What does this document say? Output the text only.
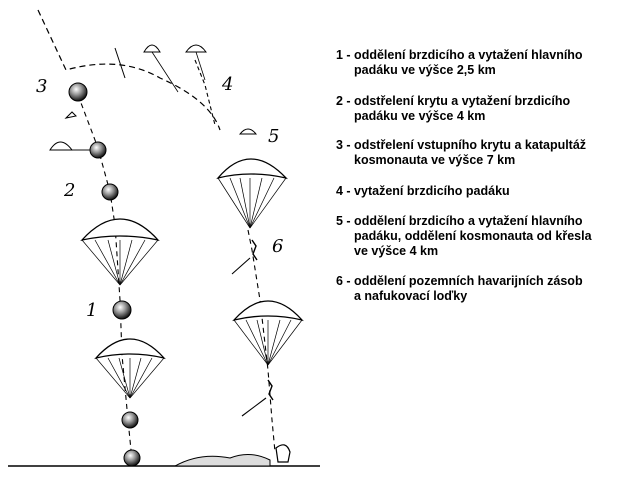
3
2
1
4
5
6
1 - oddělení brzdicího a vytažení hlavního
padáku ve výšce 2,5 km
2 - odstřelení krytu a vytažení brzdicího
padáku ve výšce 4 km
3 - odstřelení vstupního krytu a katapultáž
kosmonauta ve výšce 7 km
4 - vytažení brzdicího padáku
5 - oddělení brzdicího a vytažení hlavního
padáku, oddělení kosmonauta od křesla
ve výšce 4 km
6 - oddělení pozemních havarijních zásob
a nafukovací loďky
